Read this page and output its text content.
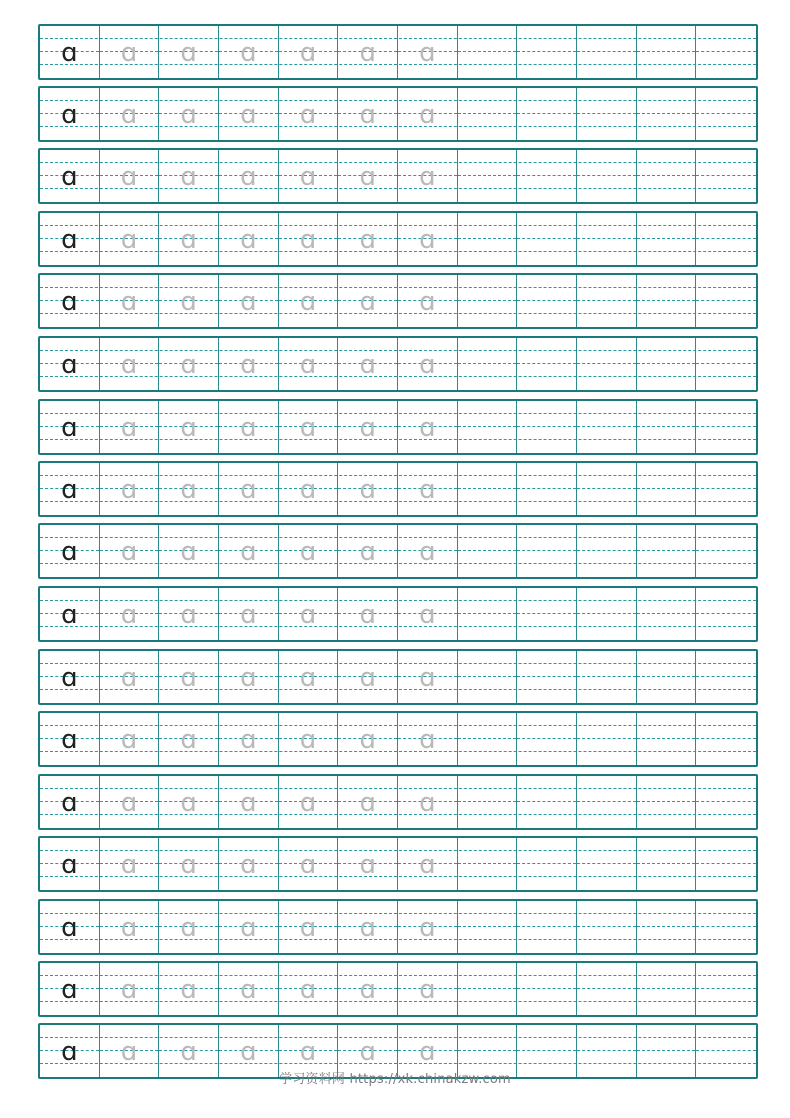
ɑ ɑ ɑ ɑ ɑ ɑ ɑ
ɑ ɑ ɑ ɑ ɑ ɑ ɑ
ɑ ɑ ɑ ɑ ɑ ɑ ɑ
ɑ ɑ ɑ ɑ ɑ ɑ ɑ
ɑ ɑ ɑ ɑ ɑ ɑ ɑ
ɑ ɑ ɑ ɑ ɑ ɑ ɑ
ɑ ɑ ɑ ɑ ɑ ɑ ɑ
ɑ ɑ ɑ ɑ ɑ ɑ ɑ
ɑ ɑ ɑ ɑ ɑ ɑ ɑ
ɑ ɑ ɑ ɑ ɑ ɑ ɑ
ɑ ɑ ɑ ɑ ɑ ɑ ɑ
ɑ ɑ ɑ ɑ ɑ ɑ ɑ
ɑ ɑ ɑ ɑ ɑ ɑ ɑ
ɑ ɑ ɑ ɑ ɑ ɑ ɑ
ɑ ɑ ɑ ɑ ɑ ɑ ɑ
ɑ ɑ ɑ ɑ ɑ ɑ ɑ
ɑ ɑ ɑ ɑ ɑ ɑ ɑ
学习资料网 https://xk.chinakzw.com
